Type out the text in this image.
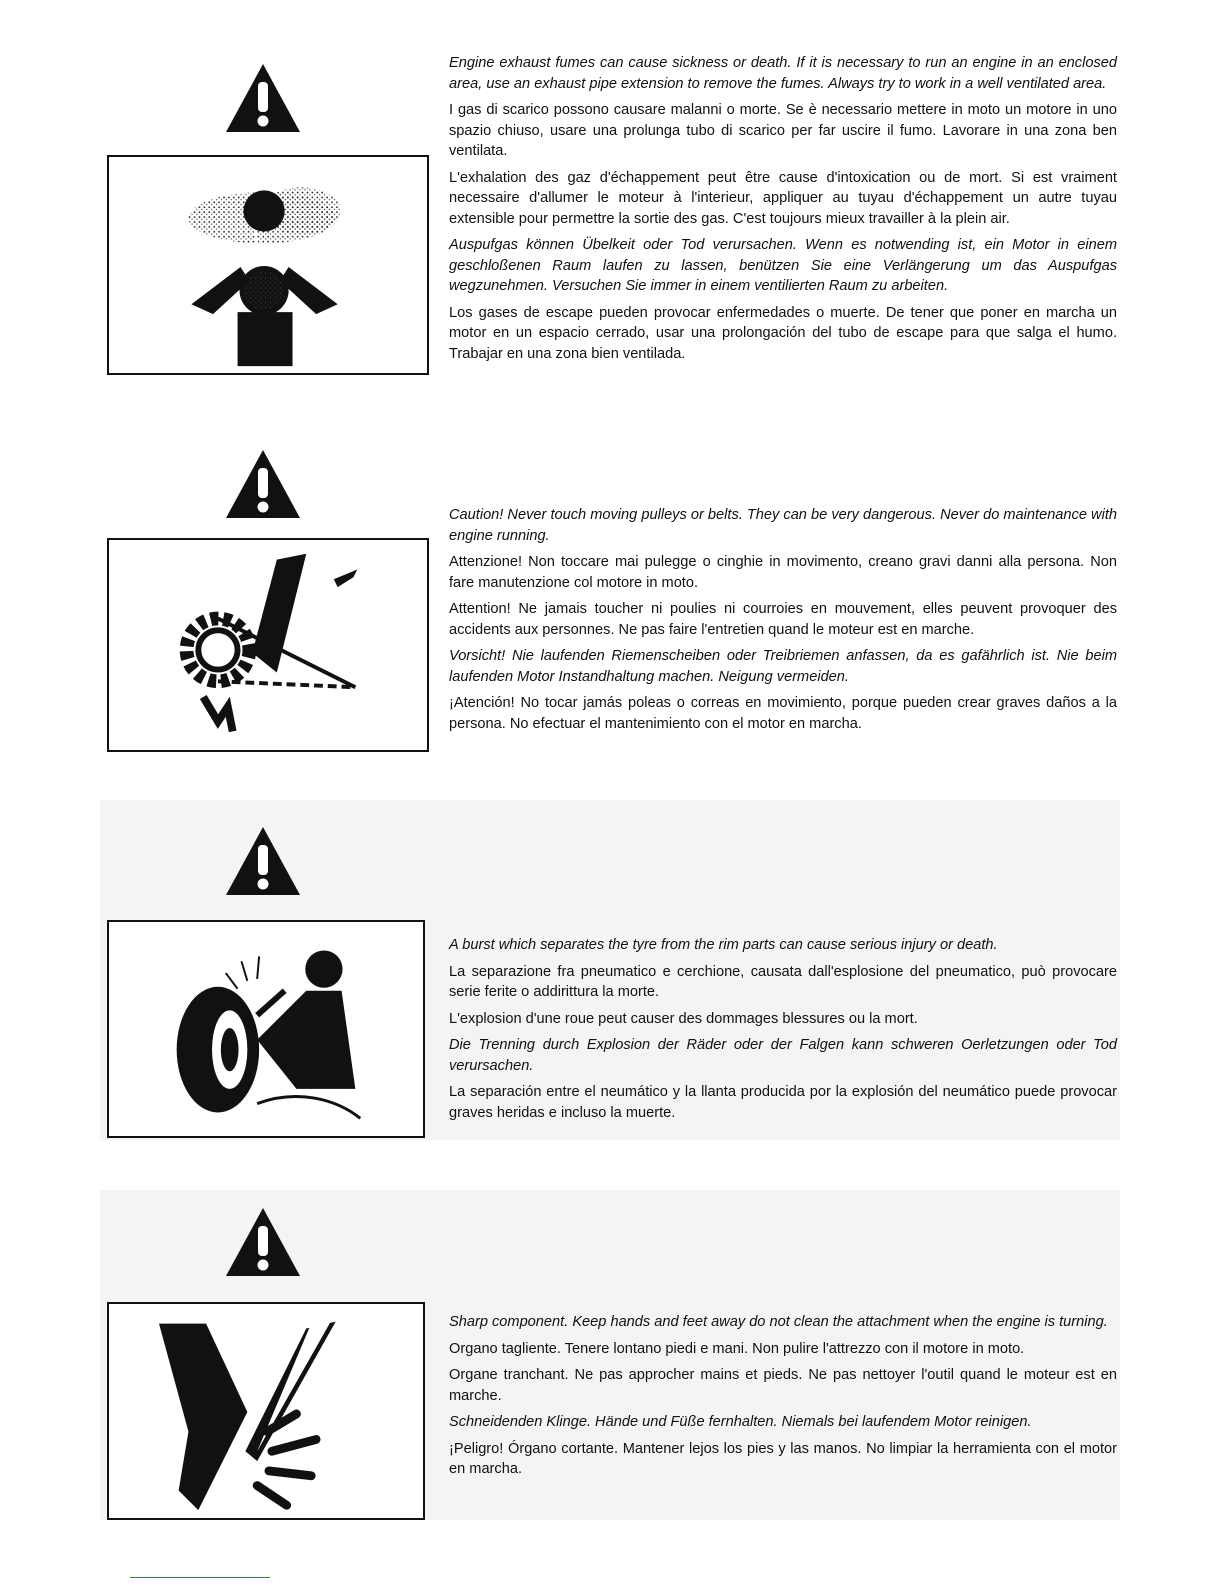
Engine exhaust fumes can cause sickness or death. If it is necessary to run an engine in an enclosed area, use an exhaust pipe extension to remove the fumes. Always try to work in a well ventilated area.

I gas di scarico possono causare malanni o morte. Se è necessario mettere in moto un motore in uno spazio chiuso, usare una prolunga tubo di scarico per far uscire il fumo. Lavorare in una zona ben ventilata.

L'exhalation des gaz d'échappement peut être cause d'intoxication ou de mort. Si est vraiment necessaire d'allumer le moteur à l'interieur, appliquer au tuyau d'échappement un autre tuyau extensible pour permettre la sortie des gas. C'est toujours mieux travailler à la plein air.

Auspufgas können Übelkeit oder Tod verursachen. Wenn es notwending ist, ein Motor in einem geschloßenen Raum laufen zu lassen, benützen Sie eine Verlängerung um das Auspufgas wegzunehmen. Versuchen Sie immer in einem ventilierten Raum zu arbeiten.

Los gases de escape pueden provocar enfermedades o muerte. De tener que poner en marcha un motor en un espacio cerrado, usar una prolongación del tubo de escape para que salga el humo. Trabajar en una zona bien ventilada.

Caution! Never touch moving pulleys or belts. They can be very dangerous. Never do maintenance with engine running.

Attenzione! Non toccare mai pulegge o cinghie in movimento, creano gravi danni alla persona. Non fare manutenzione col motore in moto.

Attention! Ne jamais toucher ni poulies ni courroies en mouvement, elles peuvent provoquer des accidents aux personnes. Ne pas faire l'entretien quand le moteur est en marche.

Vorsicht! Nie laufenden Riemenscheiben oder Treibriemen anfassen, da es gafährlich ist. Nie beim laufenden Motor Instandhaltung machen. Neigung vermeiden.

¡Atención! No tocar jamás poleas o correas en movimiento, porque pueden crear graves daños a la persona. No efectuar el mantenimiento con el motor en marcha.

A burst which separates the tyre from the rim parts can cause serious injury or death.

La separazione fra pneumatico e cerchione, causata dall'esplosione del pneumatico, può provocare serie ferite o addirittura la morte.

L'explosion d'une roue peut causer des dommages blessures ou la mort.

Die Trenning durch Explosion der Räder oder der Falgen kann schweren Oerletzungen oder Tod verursachen.

La separación entre el neumático y la llanta producida por la explosión del neumático puede provocar graves heridas e incluso la muerte.

Sharp component. Keep hands and feet away do not clean the attachment when the engine is turning.

Organo tagliente. Tenere lontano piedi e mani. Non pulire l'attrezzo con il motore in moto.

Organe tranchant. Ne pas approcher mains et pieds. Ne pas nettoyer l'outil quand le moteur est en marche.

Schneidenden Klinge. Hände und Füße fernhalten. Niemals bei laufendem Motor reinigen.

¡Peligro! Órgano cortante. Mantener lejos los pies y las manos. No limpiar la herramienta con el motor en marcha.
